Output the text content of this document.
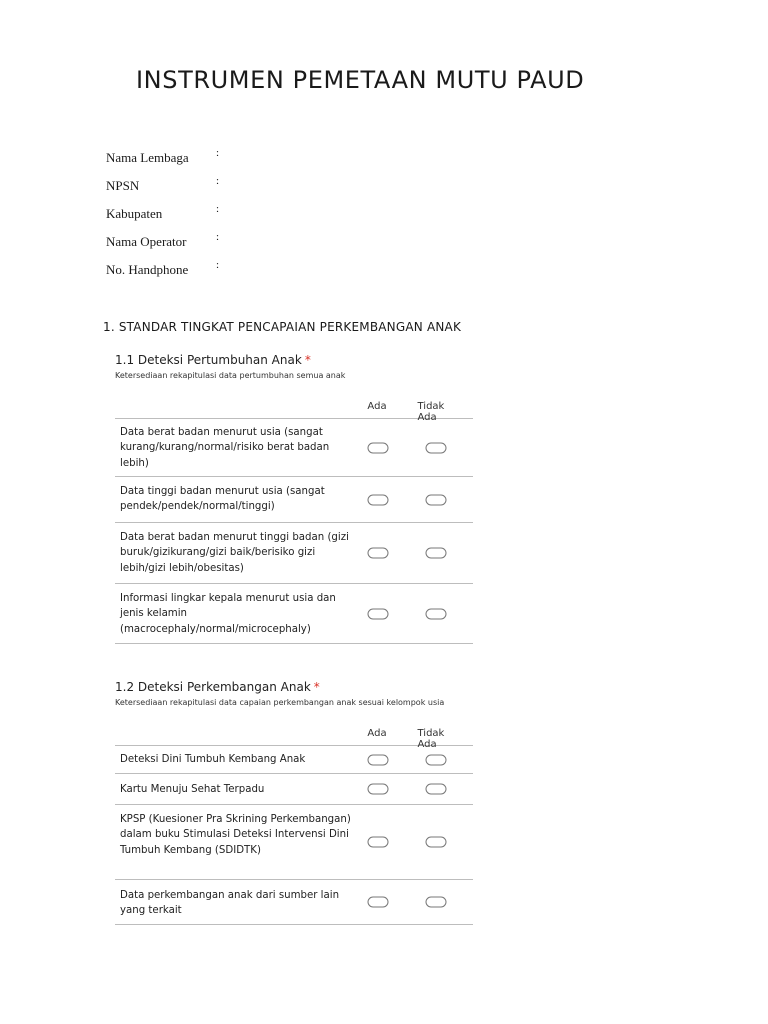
INSTRUMEN PEMETAAN MUTU PAUD
Nama Lembaga	:
NPSN	:
Kabupaten	:
Nama Operator	:
No. Handphone	:
1. STANDAR TINGKAT PENCAPAIAN PERKEMBANGAN ANAK
1.1 Deteksi Pertumbuhan Anak *
Ketersediaan rekapitulasi data pertumbuhan semua anak
Ada	Tidak Ada
Data berat badan menurut usia (sangat kurang/kurang/normal/risiko berat badan lebih)
Data tinggi badan menurut usia (sangat pendek/pendek/normal/tinggi)
Data berat badan menurut tinggi badan (gizi buruk/gizikurang/gizi baik/berisiko gizi lebih/gizi lebih/obesitas)
Informasi lingkar kepala menurut usia dan jenis kelamin (macrocephaly/normal/microcephaly)
1.2 Deteksi Perkembangan Anak *
Ketersediaan rekapitulasi data capaian perkembangan anak sesuai kelompok usia
Ada	Tidak Ada
Deteksi Dini Tumbuh Kembang Anak
Kartu Menuju Sehat Terpadu
KPSP (Kuesioner Pra Skrining Perkembangan) dalam buku Stimulasi Deteksi Intervensi Dini Tumbuh Kembang (SDIDTK)
Data perkembangan anak dari sumber lain yang terkait
